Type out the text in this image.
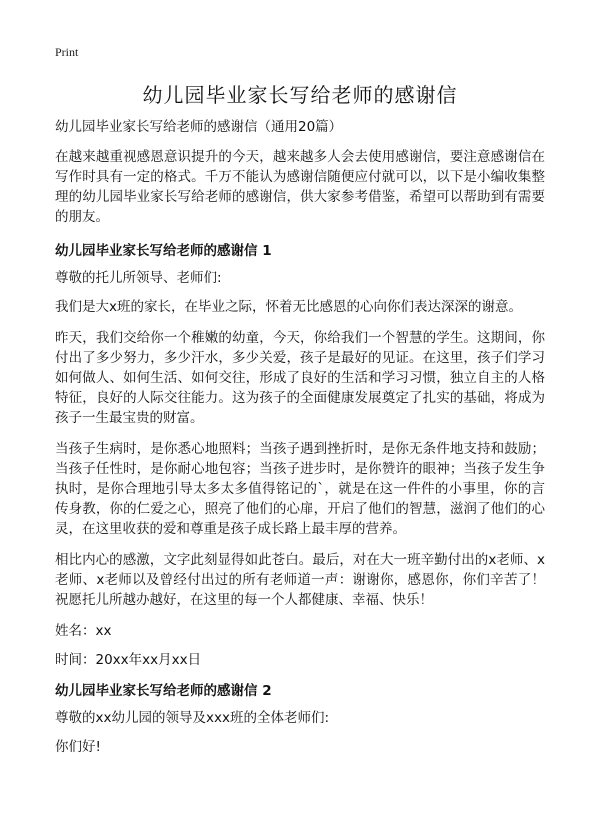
Print
幼儿园毕业家长写给老师的感谢信

幼儿园毕业家长写给老师的感谢信（通用20篇）

在越来越重视感恩意识提升的今天，越来越多人会去使用感谢信，要注意感谢信在写作时具有一定的格式。千万不能认为感谢信随便应付就可以，以下是小编收集整理的幼儿园毕业家长写给老师的感谢信，供大家参考借鉴，希望可以帮助到有需要的朋友。

幼儿园毕业家长写给老师的感谢信 1

尊敬的托儿所领导、老师们:

我们是大x班的家长，在毕业之际，怀着无比感恩的心向你们表达深深的谢意。

昨天，我们交给你一个稚嫩的幼童，今天，你给我们一个智慧的学生。这期间，你付出了多少努力，多少汗水，多少关爱，孩子是最好的见证。在这里，孩子们学习如何做人、如何生活、如何交往，形成了良好的生活和学习习惯，独立自主的人格特征，良好的人际交往能力。这为孩子的全面健康发展奠定了扎实的基础，将成为孩子一生最宝贵的财富。

当孩子生病时，是你悉心地照料；当孩子遇到挫折时，是你无条件地支持和鼓励；当孩子任性时，是你耐心地包容；当孩子进步时，是你赞许的眼神；当孩子发生争执时，是你合理地引导太多太多值得铭记的`，就是在这一件件的小事里，你的言传身教，你的仁爱之心，照亮了他们的心扉，开启了他们的智慧，滋润了他们的心灵，在这里收获的爱和尊重是孩子成长路上最丰厚的营养。

相比内心的感激，文字此刻显得如此苍白。最后，对在大一班辛勤付出的x老师、x老师、x老师以及曾经付出过的所有老师道一声：谢谢你，感恩你，你们辛苦了！祝愿托儿所越办越好，在这里的每一个人都健康、幸福、快乐！

姓名：xx

时间：20xx年xx月xx日

幼儿园毕业家长写给老师的感谢信 2

尊敬的xx幼儿园的领导及xxx班的全体老师们:

你们好!
